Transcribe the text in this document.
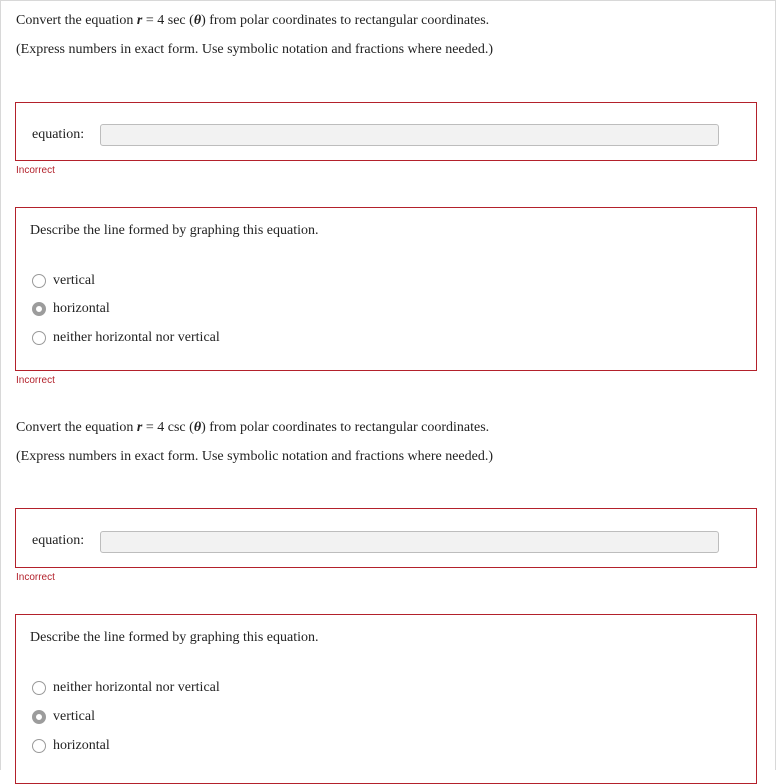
Convert the equation r = 4 sec (θ) from polar coordinates to rectangular coordinates.
(Express numbers in exact form. Use symbolic notation and fractions where needed.)
equation:
Incorrect
Describe the line formed by graphing this equation.
vertical
horizontal
neither horizontal nor vertical
Incorrect
Convert the equation r = 4 csc (θ) from polar coordinates to rectangular coordinates.
(Express numbers in exact form. Use symbolic notation and fractions where needed.)
equation:
Incorrect
Describe the line formed by graphing this equation.
neither horizontal nor vertical
vertical
horizontal
